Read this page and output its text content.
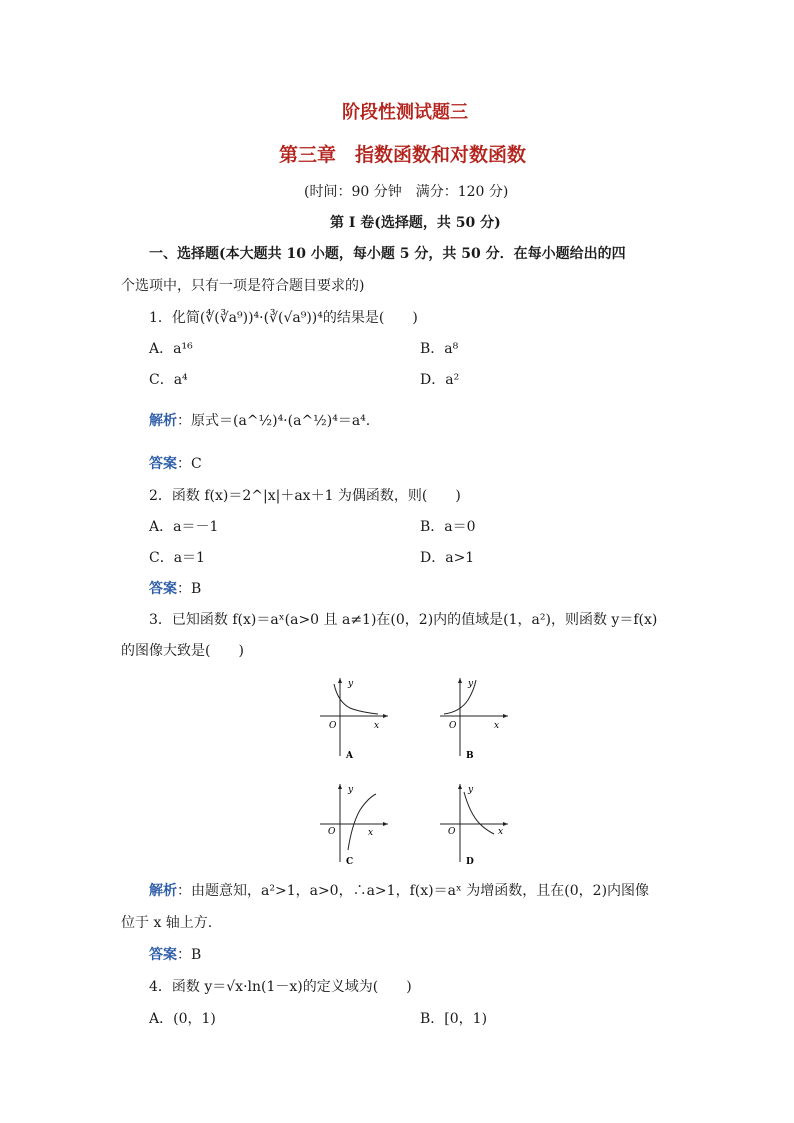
阶段性测试题三
第三章　指数函数和对数函数
(时间：90 分钟　满分：120 分)
第 I 卷(选择题，共 50 分)
一、选择题(本大题共 10 小题，每小题 5 分，共 50 分．在每小题给出的四
个选项中，只有一项是符合题目要求的)
1．化简(∜(∛a⁹))⁴·(∛(√a⁹))⁴的结果是(　　)
A．a¹⁶	B．a⁸
C．a⁴	D．a²
解析：原式＝(a^½)⁴·(a^½)⁴＝a⁴.
答案：C
2．函数 f(x)＝2^|x|＋ax＋1 为偶函数，则(　　)
A．a＝－1	B．a＝0
C．a＝1	D．a>1
答案：B
3．已知函数 f(x)＝aˣ(a>0 且 a≠1)在(0，2)内的值域是(1，a²)，则函数 y＝f(x)
的图像大致是(　　)
y
x
O
A
y
x
O
B
y
x
O
C
y
x
O
D
解析：由题意知，a²>1，a>0，∴a>1，f(x)＝aˣ 为增函数，且在(0，2)内图像
位于 x 轴上方.
答案：B
4．函数 y＝√x·ln(1－x)的定义域为(　　)
A．(0，1)	B．[0，1)
